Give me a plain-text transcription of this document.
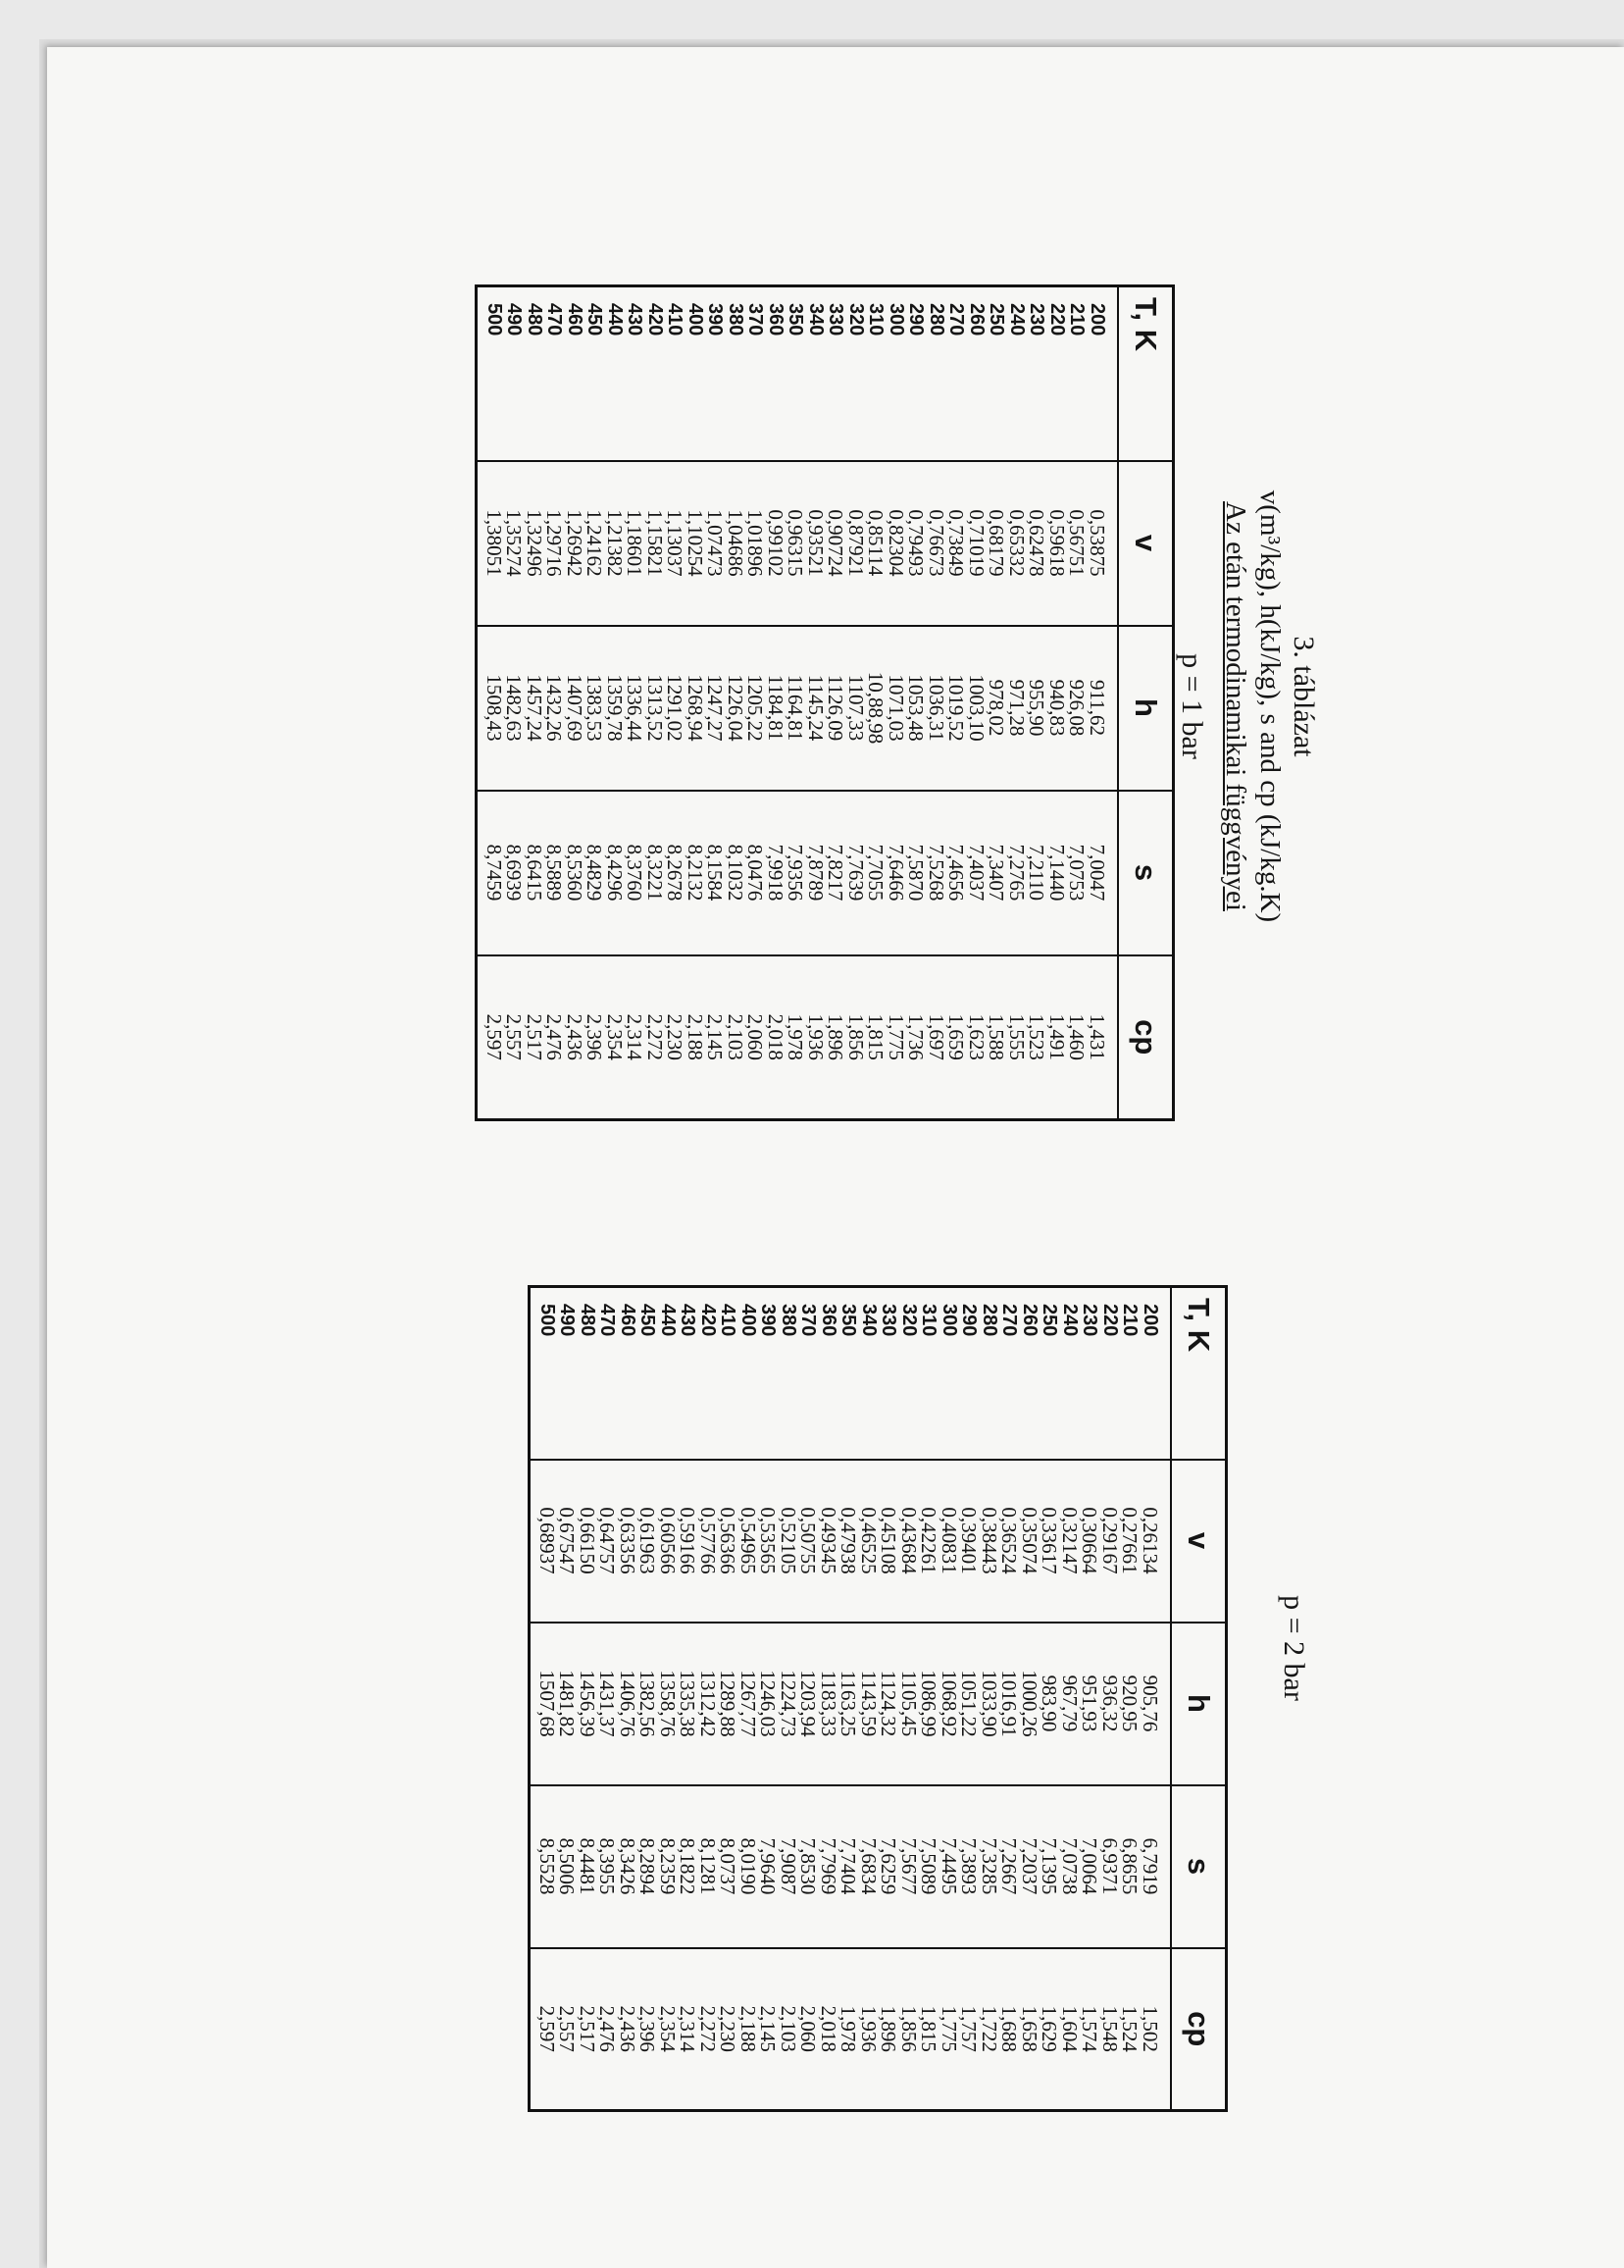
3. táblázat
v(m³/kg), h(kJ/kg), s and cp (kJ/kg.K)
Az etán termodinamikai függvényei
p = 1 bar
T, K	v	h	s	cp
200	0,53875	911,62	7,0047	1,431
210	0,56751	926,08	7,0753	1,460
220	0,59618	940,83	7,1440	1,491
230	0,62478	955,90	7,2110	1,523
240	0,65332	971,28	7,2765	1,555
250	0,68179	978,02	7,3407	1,588
260	0,71019	1003,10	7,4037	1,623
270	0,73849	1019,52	7,4656	1,659
280	0,76673	1036,31	7,5268	1,697
290	0,79493	1053,48	7,5870	1,736
300	0,82304	1071,03	7,6466	1,775
310	0,85114	10,88,98	7,7055	1,815
320	0,87921	1107,33	7,7639	1,856
330	0,90724	1126,09	7,8217	1,896
340	0,93521	1145,24	7,8789	1,936
350	0,96315	1164,81	7,9356	1,978
360	0,99102	1184,81	7,9918	2,018
370	1,01896	1205,22	8,0476	2,060
380	1,04686	1226,04	8,1032	2,103
390	1,07473	1247,27	8,1584	2,145
400	1,10254	1268,94	8,2132	2,188
410	1,13037	1291,02	8,2678	2,230
420	1,15821	1313,52	8,3221	2,272
430	1,18601	1336,44	8,3760	2,314
440	1,21382	1359,78	8,4296	2,354
450	1,24162	1383,53	8,4829	2,396
460	1,26942	1407,69	8,5360	2,436
470	1,29716	1432,26	8,5889	2,476
480	1,32496	1457,24	8,6415	2,517
490	1,35274	1482,63	8,6939	2,557
500	1,38051	1508,43	8,7459	2,597
p = 2 bar
T, K	v	h	s	cp
200	0,26134	905,76	6,7919	1,502
210	0,27661	920,95	6,8655	1,524
220	0,29167	936,32	6,9371	1,548
230	0,30664	951,93	7,0064	1,574
240	0,32147	967,79	7,0738	1,604
250	0,33617	983,90	7,1395	1,629
260	0,35074	1000,26	7,2037	1,658
270	0,36524	1016,91	7,2667	1,688
280	0,38443	1033,90	7,3285	1,722
290	0,39401	1051,22	7,3893	1,757
300	0,40831	1068,92	7,4495	1,775
310	0,42261	1086,99	7,5089	1,815
320	0,43684	1105,45	7,5677	1,856
330	0,45108	1124,32	7,6259	1,896
340	0,46525	1143,59	7,6834	1,936
350	0,47938	1163,25	7,7404	1,978
360	0,49345	1183,33	7,7969	2,018
370	0,50755	1203,94	7,8530	2,060
380	0,52105	1224,73	7,9087	2,103
390	0,53565	1246,03	7,9640	2,145
400	0,54965	1267,77	8,0190	2,188
410	0,56366	1289,88	8,0737	2,230
420	0,57766	1312,42	8,1281	2,272
430	0,59166	1335,38	8,1822	2,314
440	0,60566	1358,76	8,2359	2,354
450	0,61963	1382,56	8,2894	2,396
460	0,63356	1406,76	8,3426	2,436
470	0,64757	1431,37	8,3955	2,476
480	0,66150	1456,39	8,4481	2,517
490	0,67547	1481,82	8,5006	2,557
500	0,68937	1507,68	8,5528	2,597
